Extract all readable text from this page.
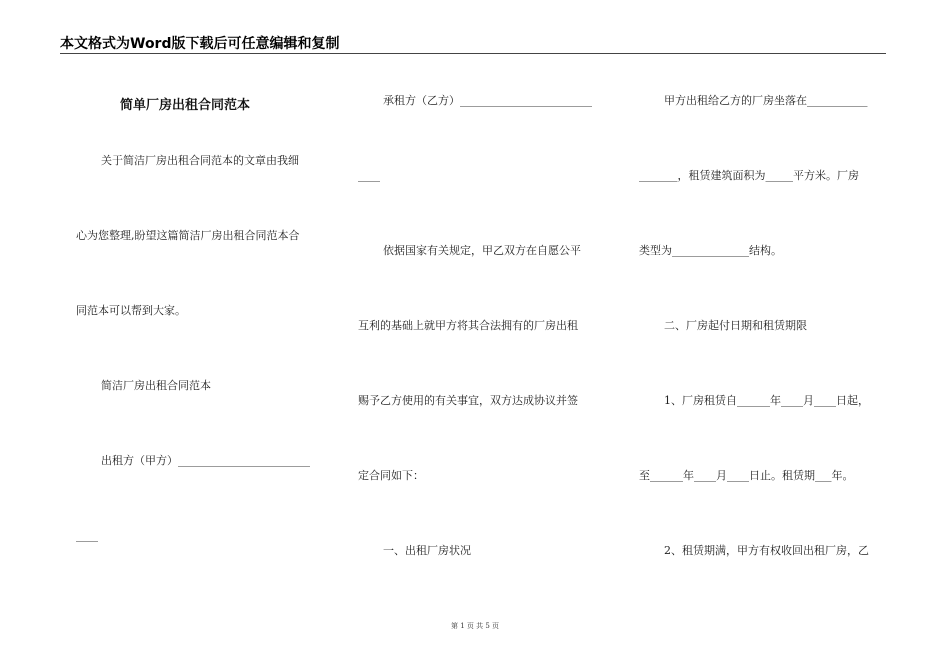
本文格式为Word版下载后可任意编辑和复制
简单厂房出租合同范本
关于简洁厂房出租合同范本的文章由我细
心为您整理,盼望这篇简洁厂房出租合同范本合
同范本可以帮到大家。
简洁厂房出租合同范本
出租方（甲方）________________________
____
承租方（乙方）________________________
____
依据国家有关规定，甲乙双方在自愿公平
互利的基础上就甲方将其合法拥有的厂房出租
赐予乙方使用的有关事宜，双方达成协议并签
定合同如下：
一、出租厂房状况
甲方出租给乙方的厂房坐落在___________
_______，租赁建筑面积为_____平方米。厂房
类型为______________结构。
二、厂房起付日期和租赁期限
1、厂房租赁自______年____月____日起，
至______年____月____日止。租赁期___年。
2、租赁期满，甲方有权收回出租厂房，乙
第 1 页 共 5 页
